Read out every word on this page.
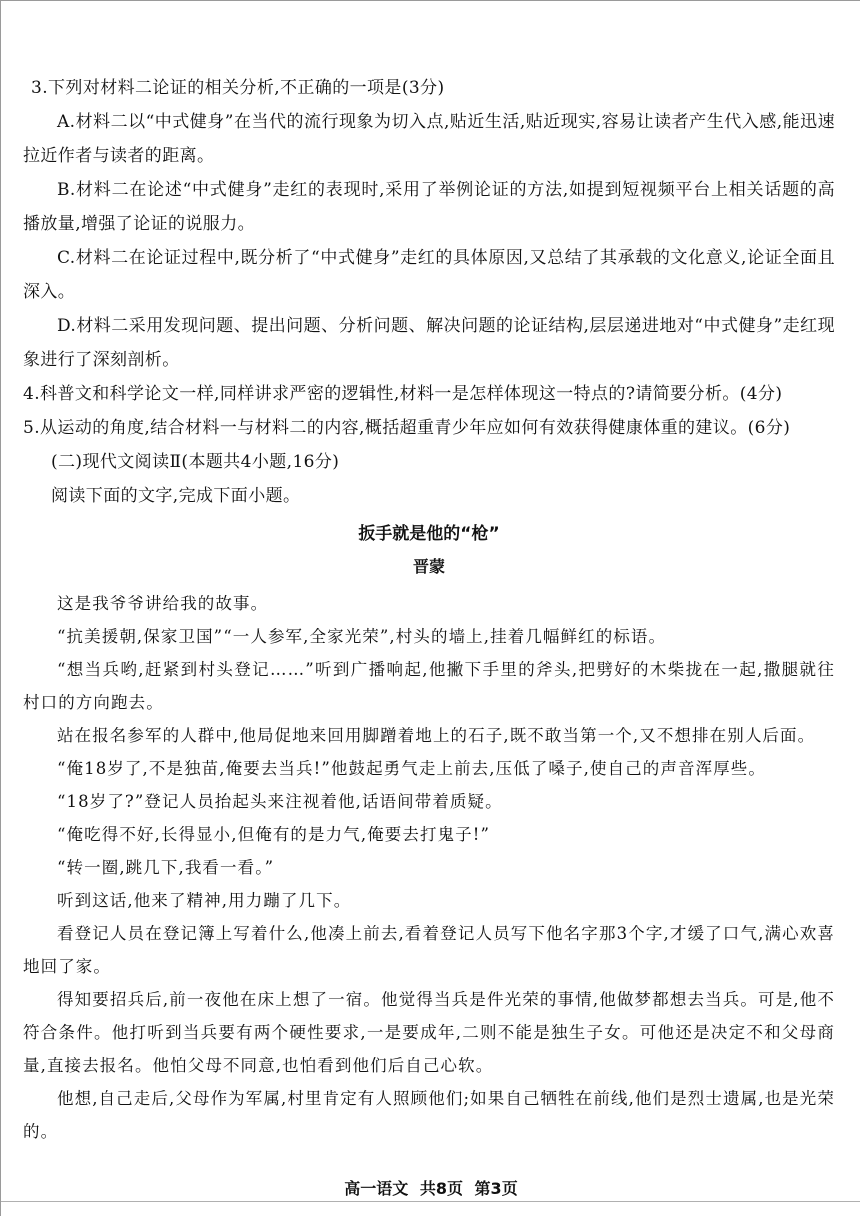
3.下列对材料二论证的相关分析,不正确的一项是(3分)

A.材料二以“中式健身”在当代的流行现象为切入点,贴近生活,贴近现实,容易让读者产生代入感,能迅速拉近作者与读者的距离。

B.材料二在论述“中式健身”走红的表现时,采用了举例论证的方法,如提到短视频平台上相关话题的高播放量,增强了论证的说服力。

C.材料二在论证过程中,既分析了“中式健身”走红的具体原因,又总结了其承载的文化意义,论证全面且深入。

D.材料二采用发现问题、提出问题、分析问题、解决问题的论证结构,层层递进地对“中式健身”走红现象进行了深刻剖析。

4.科普文和科学论文一样,同样讲求严密的逻辑性,材料一是怎样体现这一特点的?请简要分析。(4分)

5.从运动的角度,结合材料一与材料二的内容,概括超重青少年应如何有效获得健康体重的建议。(6分)

(二)现代文阅读Ⅱ(本题共4小题,16分)

阅读下面的文字,完成下面小题。

扳手就是他的“枪”
晋蒙

这是我爷爷讲给我的故事。

“抗美援朝,保家卫国”“一人参军,全家光荣”,村头的墙上,挂着几幅鲜红的标语。

“想当兵哟,赶紧到村头登记……”听到广播响起,他撇下手里的斧头,把劈好的木柴拢在一起,撒腿就往村口的方向跑去。

站在报名参军的人群中,他局促地来回用脚蹭着地上的石子,既不敢当第一个,又不想排在别人后面。

“俺18岁了,不是独苗,俺要去当兵!”他鼓起勇气走上前去,压低了嗓子,使自己的声音浑厚些。

“18岁了?”登记人员抬起头来注视着他,话语间带着质疑。

“俺吃得不好,长得显小,但俺有的是力气,俺要去打鬼子!”

“转一圈,跳几下,我看一看。”

听到这话,他来了精神,用力蹦了几下。

看登记人员在登记簿上写着什么,他凑上前去,看着登记人员写下他名字那3个字,才缓了口气,满心欢喜地回了家。

得知要招兵后,前一夜他在床上想了一宿。他觉得当兵是件光荣的事情,他做梦都想去当兵。可是,他不符合条件。他打听到当兵要有两个硬性要求,一是要成年,二则不能是独生子女。可他还是决定不和父母商量,直接去报名。他怕父母不同意,也怕看到他们后自己心软。

他想,自己走后,父母作为军属,村里肯定有人照顾他们;如果自己牺牲在前线,他们是烈士遗属,也是光荣的。

高一语文 共8页 第3页
